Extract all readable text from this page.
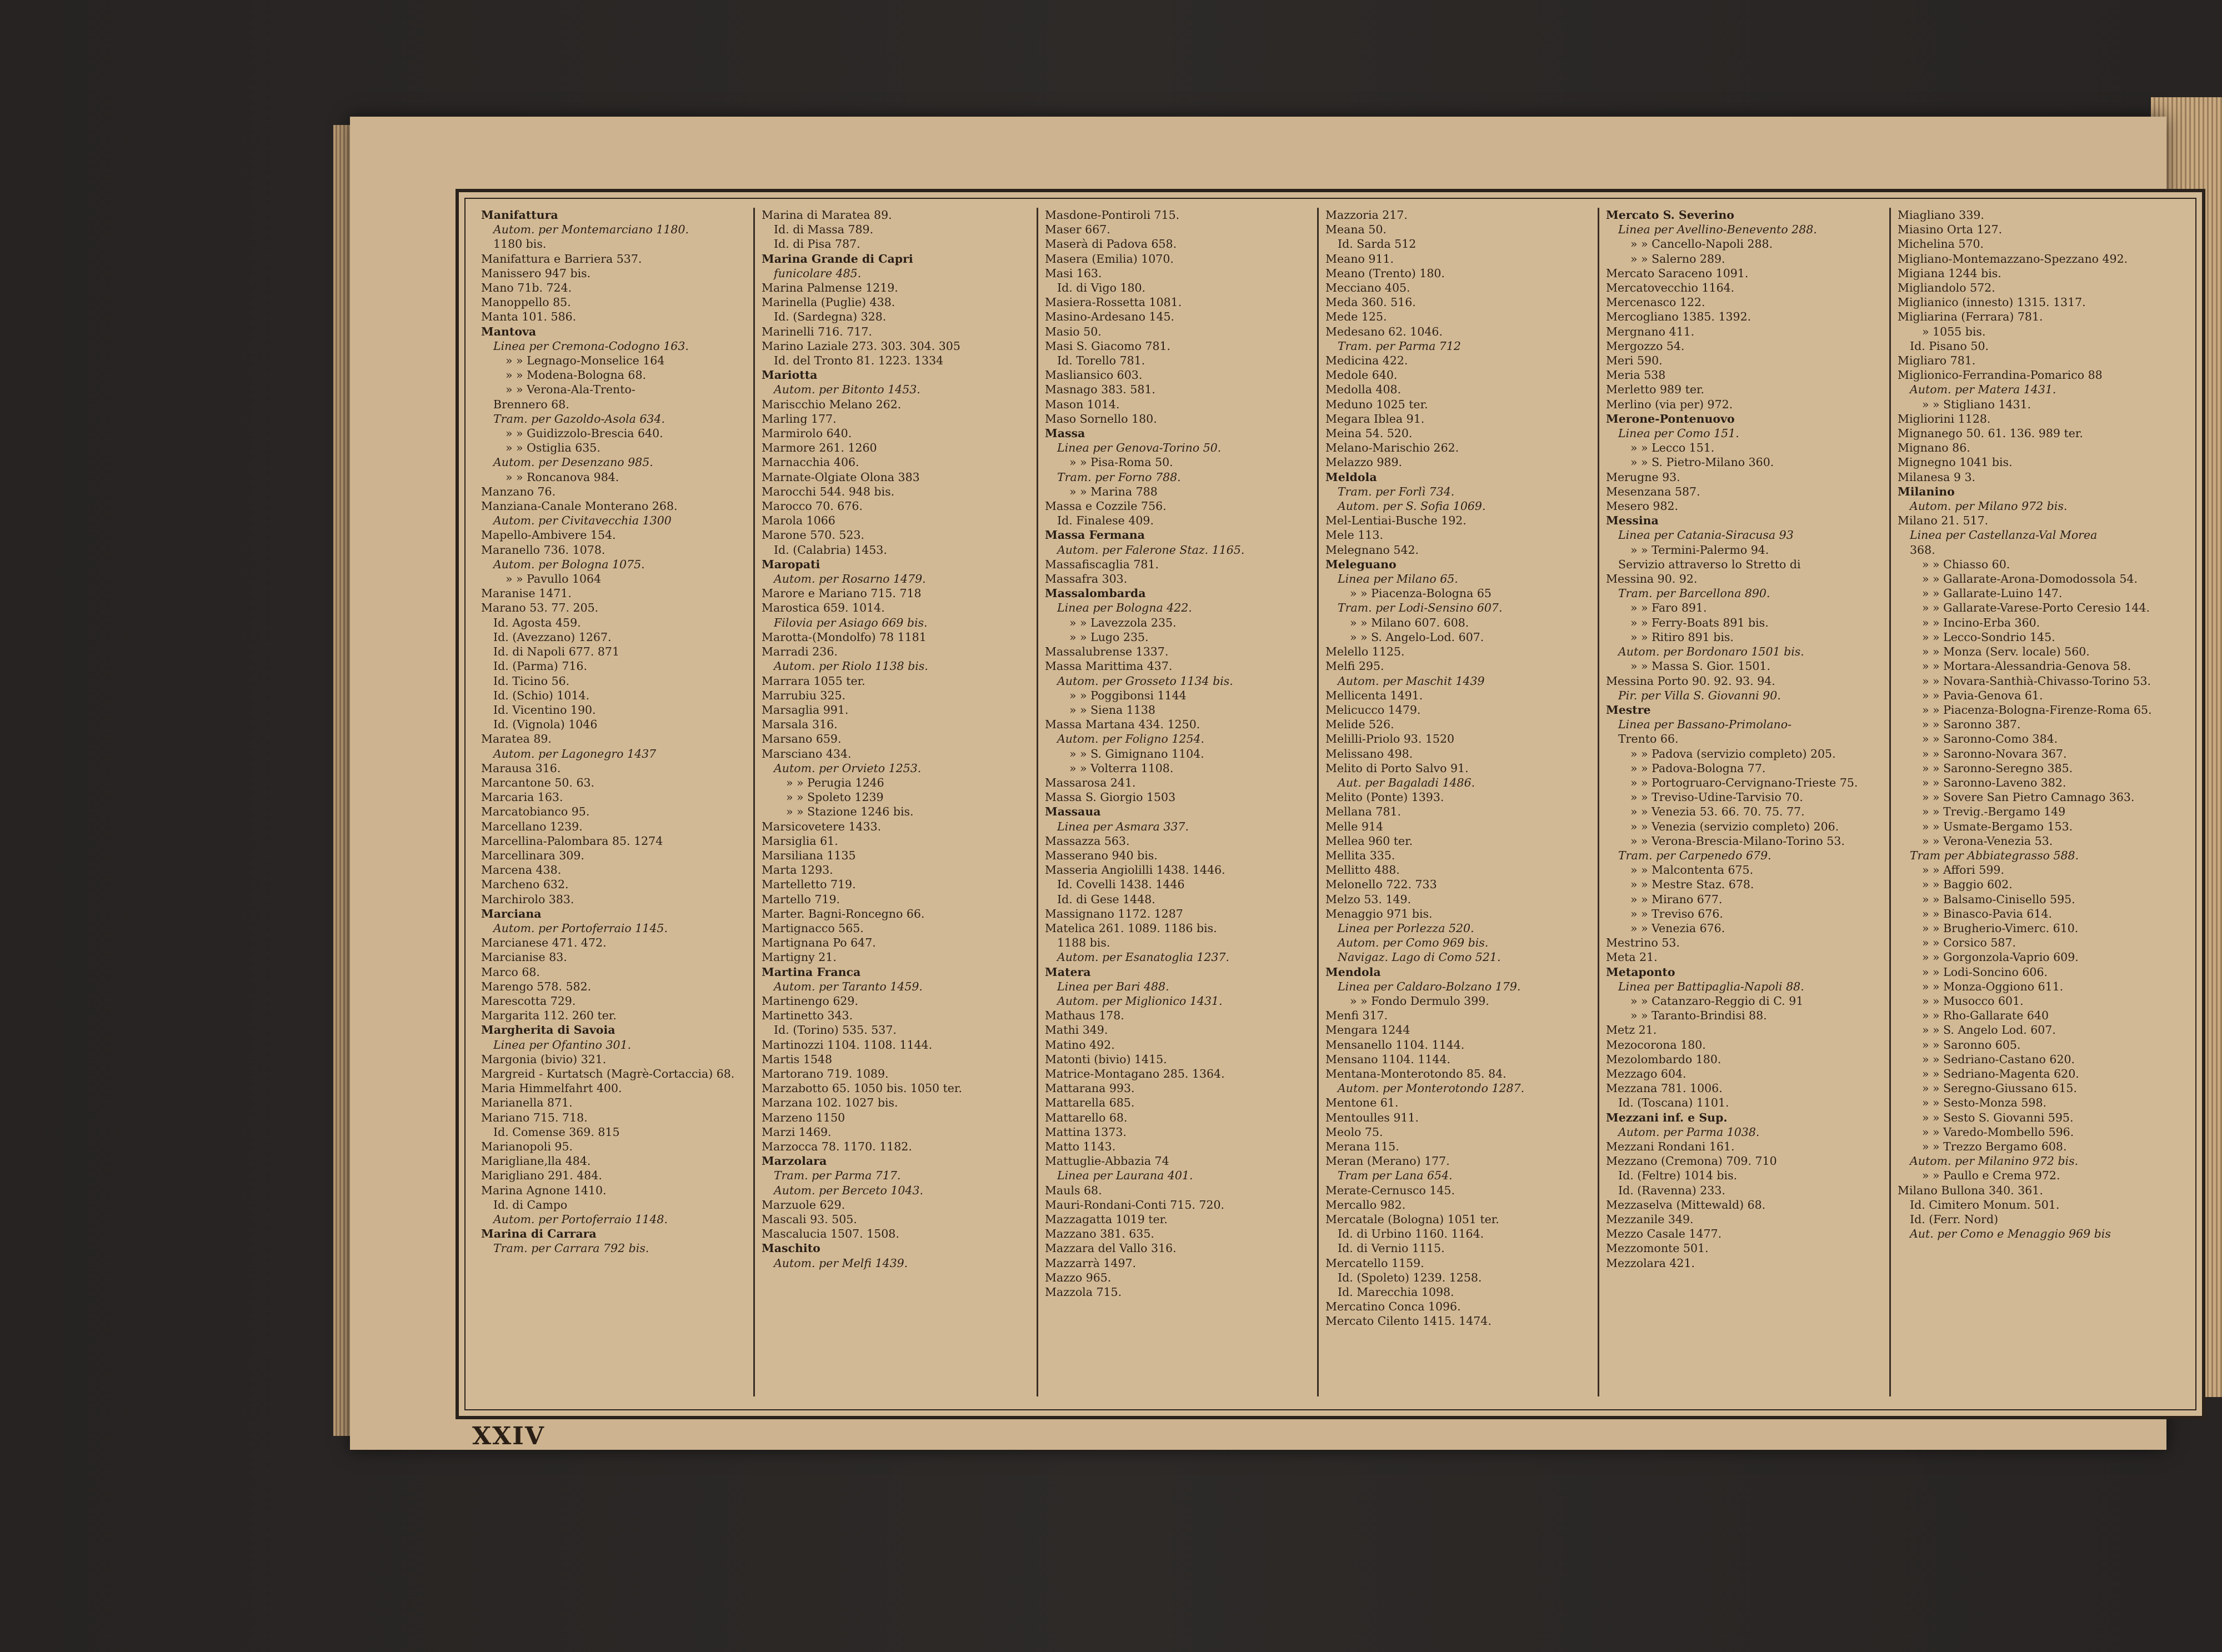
Manifattura
Autom. per Montemarciano 1180.
1180 bis.
Manifattura e Barriera 537.
Manissero 947 bis.
Mano 71b. 724.
Manoppello 85.
Manta 101. 586.
Mantova
Linea per Cremona-Codogno 163.
» » Legnago-Monselice 164
» » Modena-Bologna 68.
» » Verona-Ala-Trento-
Brennero 68.
Tram. per Gazoldo-Asola 634.
» » Guidizzolo-Brescia 640.
» » Ostiglia 635.
Autom. per Desenzano 985.
» » Roncanova 984.
Manzano 76.
Manziana-Canale Monterano 268.
Autom. per Civitavecchia 1300
Mapello-Ambivere 154.
Maranello 736. 1078.
Autom. per Bologna 1075.
» » Pavullo 1064
Maranise 1471.
Marano 53. 77. 205.
Id. Agosta 459.
Id. (Avezzano) 1267.
Id. di Napoli 677. 871
Id. (Parma) 716.
Id. Ticino 56.
Id. (Schio) 1014.
Id. Vicentino 190.
Id. (Vignola) 1046
Maratea 89.
Autom. per Lagonegro 1437
Marausa 316.
Marcantone 50. 63.
Marcaria 163.
Marcatobianco 95.
Marcellano 1239.
Marcellina-Palombara 85. 1274
Marcellinara 309.
Marcena 438.
Marcheno 632.
Marchirolo 383.
Marciana
Autom. per Portoferraio 1145.
Marcianese 471. 472.
Marcianise 83.
Marco 68.
Marengo 578. 582.
Marescotta 729.
Margarita 112. 260 ter.
Margherita di Savoia
Linea per Ofantino 301.
Margonia (bivio) 321.
Margreid - Kurtatsch (Magrè-Cortaccia) 68.
Maria Himmelfahrt 400.
Marianella 871.
Mariano 715. 718.
Id. Comense 369. 815
Marianopoli 95.
Marigliane‚lla 484.
Marigliano 291. 484.
Marina Agnone 1410.
Id. di Campo
Autom. per Portoferraio 1148.
Marina di Carrara
Tram. per Carrara 792 bis.
Marina di Maratea 89.
Id. di Massa 789.
Id. di Pisa 787.
Marina Grande di Capri
funicolare 485.
Marina Palmense 1219.
Marinella (Puglie) 438.
Id. (Sardegna) 328.
Marinelli 716. 717.
Marino Laziale 273. 303. 304. 305
Id. del Tronto 81. 1223. 1334
Mariotta
Autom. per Bitonto 1453.
Mariscchio Melano 262.
Marling 177.
Marmirolo 640.
Marmore 261. 1260
Marnacchia 406.
Marnate-Olgiate Olona 383
Marocchi 544. 948 bis.
Marocco 70. 676.
Marola 1066
Marone 570. 523.
Id. (Calabria) 1453.
Maropati
Autom. per Rosarno 1479.
Marore e Mariano 715. 718
Marostica 659. 1014.
Filovia per Asiago 669 bis.
Marotta-(Mondolfo) 78 1181
Marradi 236.
Autom. per Riolo 1138 bis.
Marrara 1055 ter.
Marrubiu 325.
Marsaglia 991.
Marsala 316.
Marsano 659.
Marsciano 434.
Autom. per Orvieto 1253.
» » Perugia 1246
» » Spoleto 1239
» » Stazione 1246 bis.
Marsicovetere 1433.
Marsiglia 61.
Marsiliana 1135
Marta 1293.
Martelletto 719.
Martello 719.
Marter. Bagni-Roncegno 66.
Martignacco 565.
Martignana Po 647.
Martigny 21.
Martina Franca
Autom. per Taranto 1459.
Martinengo 629.
Martinetto 343.
Id. (Torino) 535. 537.
Martinozzi 1104. 1108. 1144.
Martis 1548
Martorano 719. 1089.
Marzabotto 65. 1050 bis. 1050 ter.
Marzana 102. 1027 bis.
Marzeno 1150
Marzi 1469.
Marzocca 78. 1170. 1182.
Marzolara
Tram. per Parma 717.
Autom. per Berceto 1043.
Marzuole 629.
Mascali 93. 505.
Mascalucia 1507. 1508.
Maschito
Autom. per Melfi 1439.
Masdone-Pontiroli 715.
Maser 667.
Maserà di Padova 658.
Masera (Emilia) 1070.
Masi 163.
Id. di Vigo 180.
Masiera-Rossetta 1081.
Masino-Ardesano 145.
Masio 50.
Masi S. Giacomo 781.
Id. Torello 781.
Masliansico 603.
Masnago 383. 581.
Mason 1014.
Maso Sornello 180.
Massa
Linea per Genova-Torino 50.
» » Pisa-Roma 50.
Tram. per Forno 788.
» » Marina 788
Massa e Cozzile 756.
Id. Finalese 409.
Massa Fermana
Autom. per Falerone Staz. 1165.
Massafiscaglia 781.
Massafra 303.
Massalombarda
Linea per Bologna 422.
» » Lavezzola 235.
» » Lugo 235.
Massalubrense 1337.
Massa Marittima 437.
Autom. per Grosseto 1134 bis.
» » Poggibonsi 1144
» » Siena 1138
Massa Martana 434. 1250.
Autom. per Foligno 1254.
» » S. Gimignano 1104.
» » Volterra 1108.
Massarosa 241.
Massa S. Giorgio 1503
Massaua
Linea per Asmara 337.
Massazza 563.
Masserano 940 bis.
Masseria Angiolilli 1438. 1446.
Id. Covelli 1438. 1446
Id. di Gese 1448.
Massignano 1172. 1287
Matelica 261. 1089. 1186 bis.
1188 bis.
Autom. per Esanatoglia 1237.
Matera
Linea per Bari 488.
Autom. per Miglionico 1431.
Mathaus 178.
Mathi 349.
Matino 492.
Matonti (bivio) 1415.
Matrice-Montagano 285. 1364.
Mattarana 993.
Mattarella 685.
Mattarello 68.
Mattina 1373.
Matto 1143.
Mattuglie-Abbazia 74
Linea per Laurana 401.
Mauls 68.
Mauri-Rondani-Conti 715. 720.
Mazzagatta 1019 ter.
Mazzano 381. 635.
Mazzara del Vallo 316.
Mazzarrà 1497.
Mazzo 965.
Mazzola 715.
Mazzoria 217.
Meana 50.
Id. Sarda 512
Meano 911.
Meano (Trento) 180.
Mecciano 405.
Meda 360. 516.
Mede 125.
Medesano 62. 1046.
Tram. per Parma 712
Medicina 422.
Medole 640.
Medolla 408.
Meduno 1025 ter.
Megara Iblea 91.
Meina 54. 520.
Melano-Marischio 262.
Melazzo 989.
Meldola
Tram. per Forlì 734.
Autom. per S. Sofia 1069.
Mel-Lentiai-Busche 192.
Mele 113.
Melegnano 542.
Meleguano
Linea per Milano 65.
» » Piacenza-Bologna 65
Tram. per Lodi-Sensino 607.
» » Milano 607. 608.
» » S. Angelo-Lod. 607.
Melello 1125.
Melfi 295.
Autom. per Maschit 1439
Mellicenta 1491.
Melicucco 1479.
Melide 526.
Melilli-Priolo 93. 1520
Melissano 498.
Melito di Porto Salvo 91.
Aut. per Bagaladi 1486.
Melito (Ponte) 1393.
Mellana 781.
Melle 914
Mellea 960 ter.
Mellita 335.
Mellitto 488.
Melonello 722. 733
Melzo 53. 149.
Menaggio 971 bis.
Linea per Porlezza 520.
Autom. per Como 969 bis.
Navigaz. Lago di Como 521.
Mendola
Linea per Caldaro-Bolzano 179.
» » Fondo Dermulo 399.
Menfi 317.
Mengara 1244
Mensanello 1104. 1144.
Mensano 1104. 1144.
Mentana-Monterotondo 85. 84.
Autom. per Monterotondo 1287.
Mentone 61.
Mentoulles 911.
Meolo 75.
Merana 115.
Meran (Merano) 177.
Tram per Lana 654.
Merate-Cernusco 145.
Mercallo 982.
Mercatale (Bologna) 1051 ter.
Id. di Urbino 1160. 1164.
Id. di Vernio 1115.
Mercatello 1159.
Id. (Spoleto) 1239. 1258.
Id. Marecchia 1098.
Mercatino Conca 1096.
Mercato Cilento 1415. 1474.
Mercato S. Severino
Linea per Avellino-Benevento 288.
» » Cancello-Napoli 288.
» » Salerno 289.
Mercato Saraceno 1091.
Mercatovecchio 1164.
Mercenasco 122.
Mercogliano 1385. 1392.
Mergnano 411.
Mergozzo 54.
Meri 590.
Meria 538
Merletto 989 ter.
Merlino (via per) 972.
Merone-Pontenuovo
Linea per Como 151.
» » Lecco 151.
» » S. Pietro-Milano 360.
Merugne 93.
Mesenzana 587.
Mesero 982.
Messina
Linea per Catania-Siracusa 93
» » Termini-Palermo 94.
Servizio attraverso lo Stretto di
Messina 90. 92.
Tram. per Barcellona 890.
» » Faro 891.
» » Ferry-Boats 891 bis.
» » Ritiro 891 bis.
Autom. per Bordonaro 1501 bis.
» » Massa S. Gior. 1501.
Messina Porto 90. 92. 93. 94.
Pir. per Villa S. Giovanni 90.
Mestre
Linea per Bassano-Primolano-
Trento 66.
» » Padova (servizio completo) 205.
» » Padova-Bologna 77.
» » Portogruaro-Cervignano-Trieste 75.
» » Treviso-Udine-Tarvisio 70.
» » Venezia 53. 66. 70. 75. 77.
» » Venezia (servizio completo) 206.
» » Verona-Brescia-Milano-Torino 53.
Tram. per Carpenedo 679.
» » Malcontenta 675.
» » Mestre Staz. 678.
» » Mirano 677.
» » Treviso 676.
» » Venezia 676.
Mestrino 53.
Meta 21.
Metaponto
Linea per Battipaglia-Napoli 88.
» » Catanzaro-Reggio di C. 91
» » Taranto-Brindisi 88.
Metz 21.
Mezocorona 180.
Mezolombardo 180.
Mezzago 604.
Mezzana 781. 1006.
Id. (Toscana) 1101.
Mezzani inf. e Sup.
Autom. per Parma 1038.
Mezzani Rondani 161.
Mezzano (Cremona) 709. 710
Id. (Feltre) 1014 bis.
Id. (Ravenna) 233.
Mezzaselva (Mittewald) 68.
Mezzanile 349.
Mezzo Casale 1477.
Mezzomonte 501.
Mezzolara 421.
Miagliano 339.
Miasino Orta 127.
Michelina 570.
Migliano-Montemazzano-Spezzano 492.
Migiana 1244 bis.
Migliandolo 572.
Miglianico (innesto) 1315. 1317.
Migliarina (Ferrara) 781.
» 1055 bis.
Id. Pisano 50.
Migliaro 781.
Miglionico-Ferrandina-Pomarico 88
Autom. per Matera 1431.
» » Stigliano 1431.
Migliorini 1128.
Mignanego 50. 61. 136. 989 ter.
Mignano 86.
Mignegno 1041 bis.
Milanesa 9 3.
Milanino
Autom. per Milano 972 bis.
Milano 21. 517.
Linea per Castellanza-Val Morea
368.
» » Chiasso 60.
» » Gallarate-Arona-Domodossola 54.
» » Gallarate-Luino 147.
» » Gallarate-Varese-Porto Ceresio 144.
» » Incino-Erba 360.
» » Lecco-Sondrio 145.
» » Monza (Serv. locale) 560.
» » Mortara-Alessandria-Genova 58.
» » Novara-Santhià-Chivasso-Torino 53.
» » Pavia-Genova 61.
» » Piacenza-Bologna-Firenze-Roma 65.
» » Saronno 387.
» » Saronno-Como 384.
» » Saronno-Novara 367.
» » Saronno-Seregno 385.
» » Saronno-Laveno 382.
» » Sovere San Pietro Camnago 363.
» » Trevig.-Bergamo 149
» » Usmate-Bergamo 153.
» » Verona-Venezia 53.
Tram per Abbiategrasso 588.
» » Affori 599.
» » Baggio 602.
» » Balsamo-Cinisello 595.
» » Binasco-Pavia 614.
» » Brugherio-Vimerc. 610.
» » Corsico 587.
» » Gorgonzola-Vaprio 609.
» » Lodi-Soncino 606.
» » Monza-Oggiono 611.
» » Musocco 601.
» » Rho-Gallarate 640
» » S. Angelo Lod. 607.
» » Saronno 605.
» » Sedriano-Castano 620.
» » Sedriano-Magenta 620.
» » Seregno-Giussano 615.
» » Sesto-Monza 598.
» » Sesto S. Giovanni 595.
» » Varedo-Mombello 596.
» » Trezzo Bergamo 608.
Autom. per Milanino 972 bis.
» » Paullo e Crema 972.
Milano Bullona 340. 361.
Id. Cimitero Monum. 501.
Id. (Ferr. Nord)
Aut. per Como e Menaggio 969 bis
XXIV
